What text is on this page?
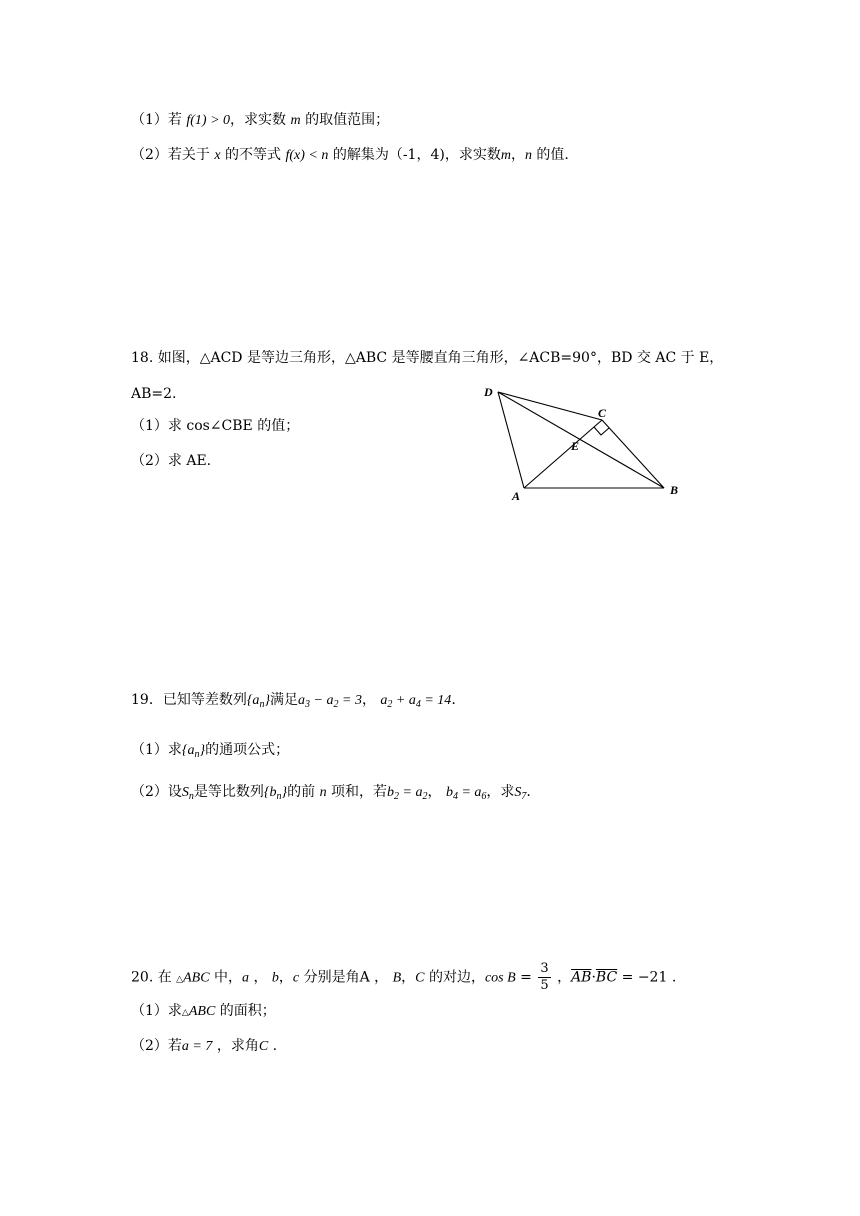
（1）若 f(1) > 0，求实数 m 的取值范围；
（2）若关于 x 的不等式 f(x) < n 的解集为（-1，4)，求实数m，n 的值.
18. 如图，△ACD 是等边三角形，△ABC 是等腰直角三角形，∠ACB=90°，BD 交 AC 于 E，
AB=2.
（1）求 cos∠CBE 的值；
（2）求 AE.
D
C
E
A	B
19．已知等差数列$\{a_n\}$满足$a_3 - a_2 = 3$， $a_2 + a_4 = 14$.
（1）求$\{a_n\}$的通项公式；
（2）设$S_n$是等比数列$\{b_n\}$的前 n 项和，若$b_2 = a_2$， $b_4 = a_6$，求$S_7$.
20. 在 △ABC 中，a ， b，c 分别是角A ， B，C 的对边，$\cos B = \frac{3}{5}$ ，$\overline{AB}\cdot\overline{BC} = -21$ .
（1）求△ABC 的面积；
（2）若a = 7 ，求角C .
